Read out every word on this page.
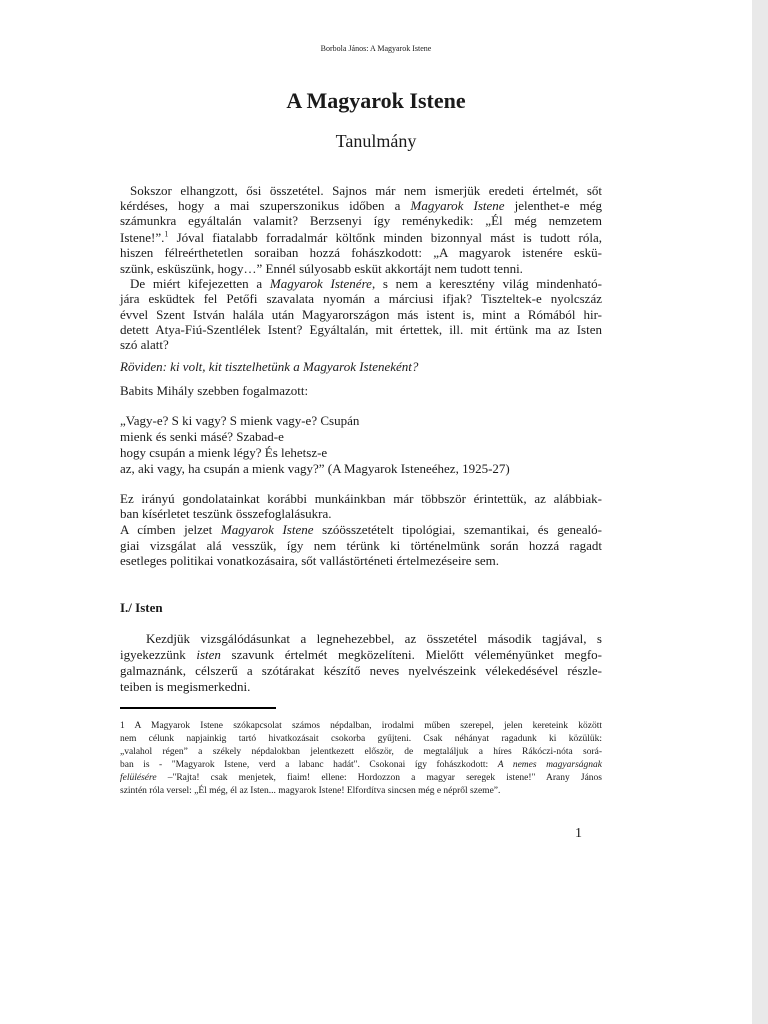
Borbola János: A Magyarok Istene
A Magyarok Istene
Tanulmány
Sokszor elhangzott, ősi összetétel. Sajnos már nem ismerjük eredeti értelmét, sőt
kérdéses, hogy a mai szuperszonikus időben a Magyarok Istene jelenthet-e még
számunkra egyáltalán valamit? Berzsenyi így reménykedik: „Él még nemzetem
Istene!”.$^1$ Jóval fiatalabb forradalmár költőnk minden bizonnyal mást is tudott róla,
hiszen félreérthetetlen soraiban hozzá fohászkodott: „A magyarok istenére eskü-
szünk, esküszünk, hogy…” Ennél súlyosabb esküt akkortájt nem tudott tenni.
De miért kifejezetten a Magyarok Istenére, s nem a keresztény világ mindenható-
jára esküdtek fel Petőfi szavalata nyomán a márciusi ifjak? Tiszteltek-e nyolcszáz
évvel Szent István halála után Magyarországon más istent is, mint a Rómából hir-
detett Atya-Fiú-Szentlélek Istent? Egyáltalán, mit értettek, ill. mit értünk ma az Isten
szó alatt?
Röviden: ki volt, kit tisztelhetünk a Magyarok Isteneként?
Babits Mihály szebben fogalmazott:
„Vagy-e? S ki vagy? S mienk vagy-e? Csupán
mienk és senki másé? Szabad-e
hogy csupán a mienk légy? És lehetsz-e
az, aki vagy, ha csupán a mienk vagy?” (A Magyarok Isteneéhez, 1925-27)
Ez irányú gondolatainkat korábbi munkáinkban már többször érintettük, az alábbiak-
ban kísérletet teszünk összefoglalásukra.
A címben jelzet Magyarok Istene szóösszetételt tipológiai, szemantikai, és genealó-
giai vizsgálat alá vesszük, így nem térünk ki történelmünk során hozzá ragadt
esetleges politikai vonatkozásaira, sőt vallástörténeti értelmezéseire sem.
I./ Isten
Kezdjük vizsgálódásunkat a legnehezebbel, az összetétel második tagjával, s
igyekezzünk isten szavunk értelmét megközelíteni. Mielőtt véleményünket megfo-
galmaznánk, célszerű a szótárakat készítő neves nyelvészeink vélekedésével részle-
teiben is megismerkedni.
1 A Magyarok Istene szókapcsolat számos népdalban, irodalmi műben szerepel, jelen kereteink között
nem célunk napjainkig tartó hivatkozásait csokorba gyűjteni. Csak néhányat ragadunk ki közülük:
„valahol régen” a székely népdalokban jelentkezett először, de megtaláljuk a híres Rákóczi-nóta sorá-
ban is - "Magyarok Istene, verd a labanc hadát". Csokonai így fohászkodott: A nemes magyarságnak
felülésére –"Rajta! csak menjetek, fiaim! ellene: Hordozzon a magyar seregek istene!" Arany János
szintén róla versel: „Él még, él az Isten... magyarok Istene! Elfordítva sincsen még e népről szeme”.
1
